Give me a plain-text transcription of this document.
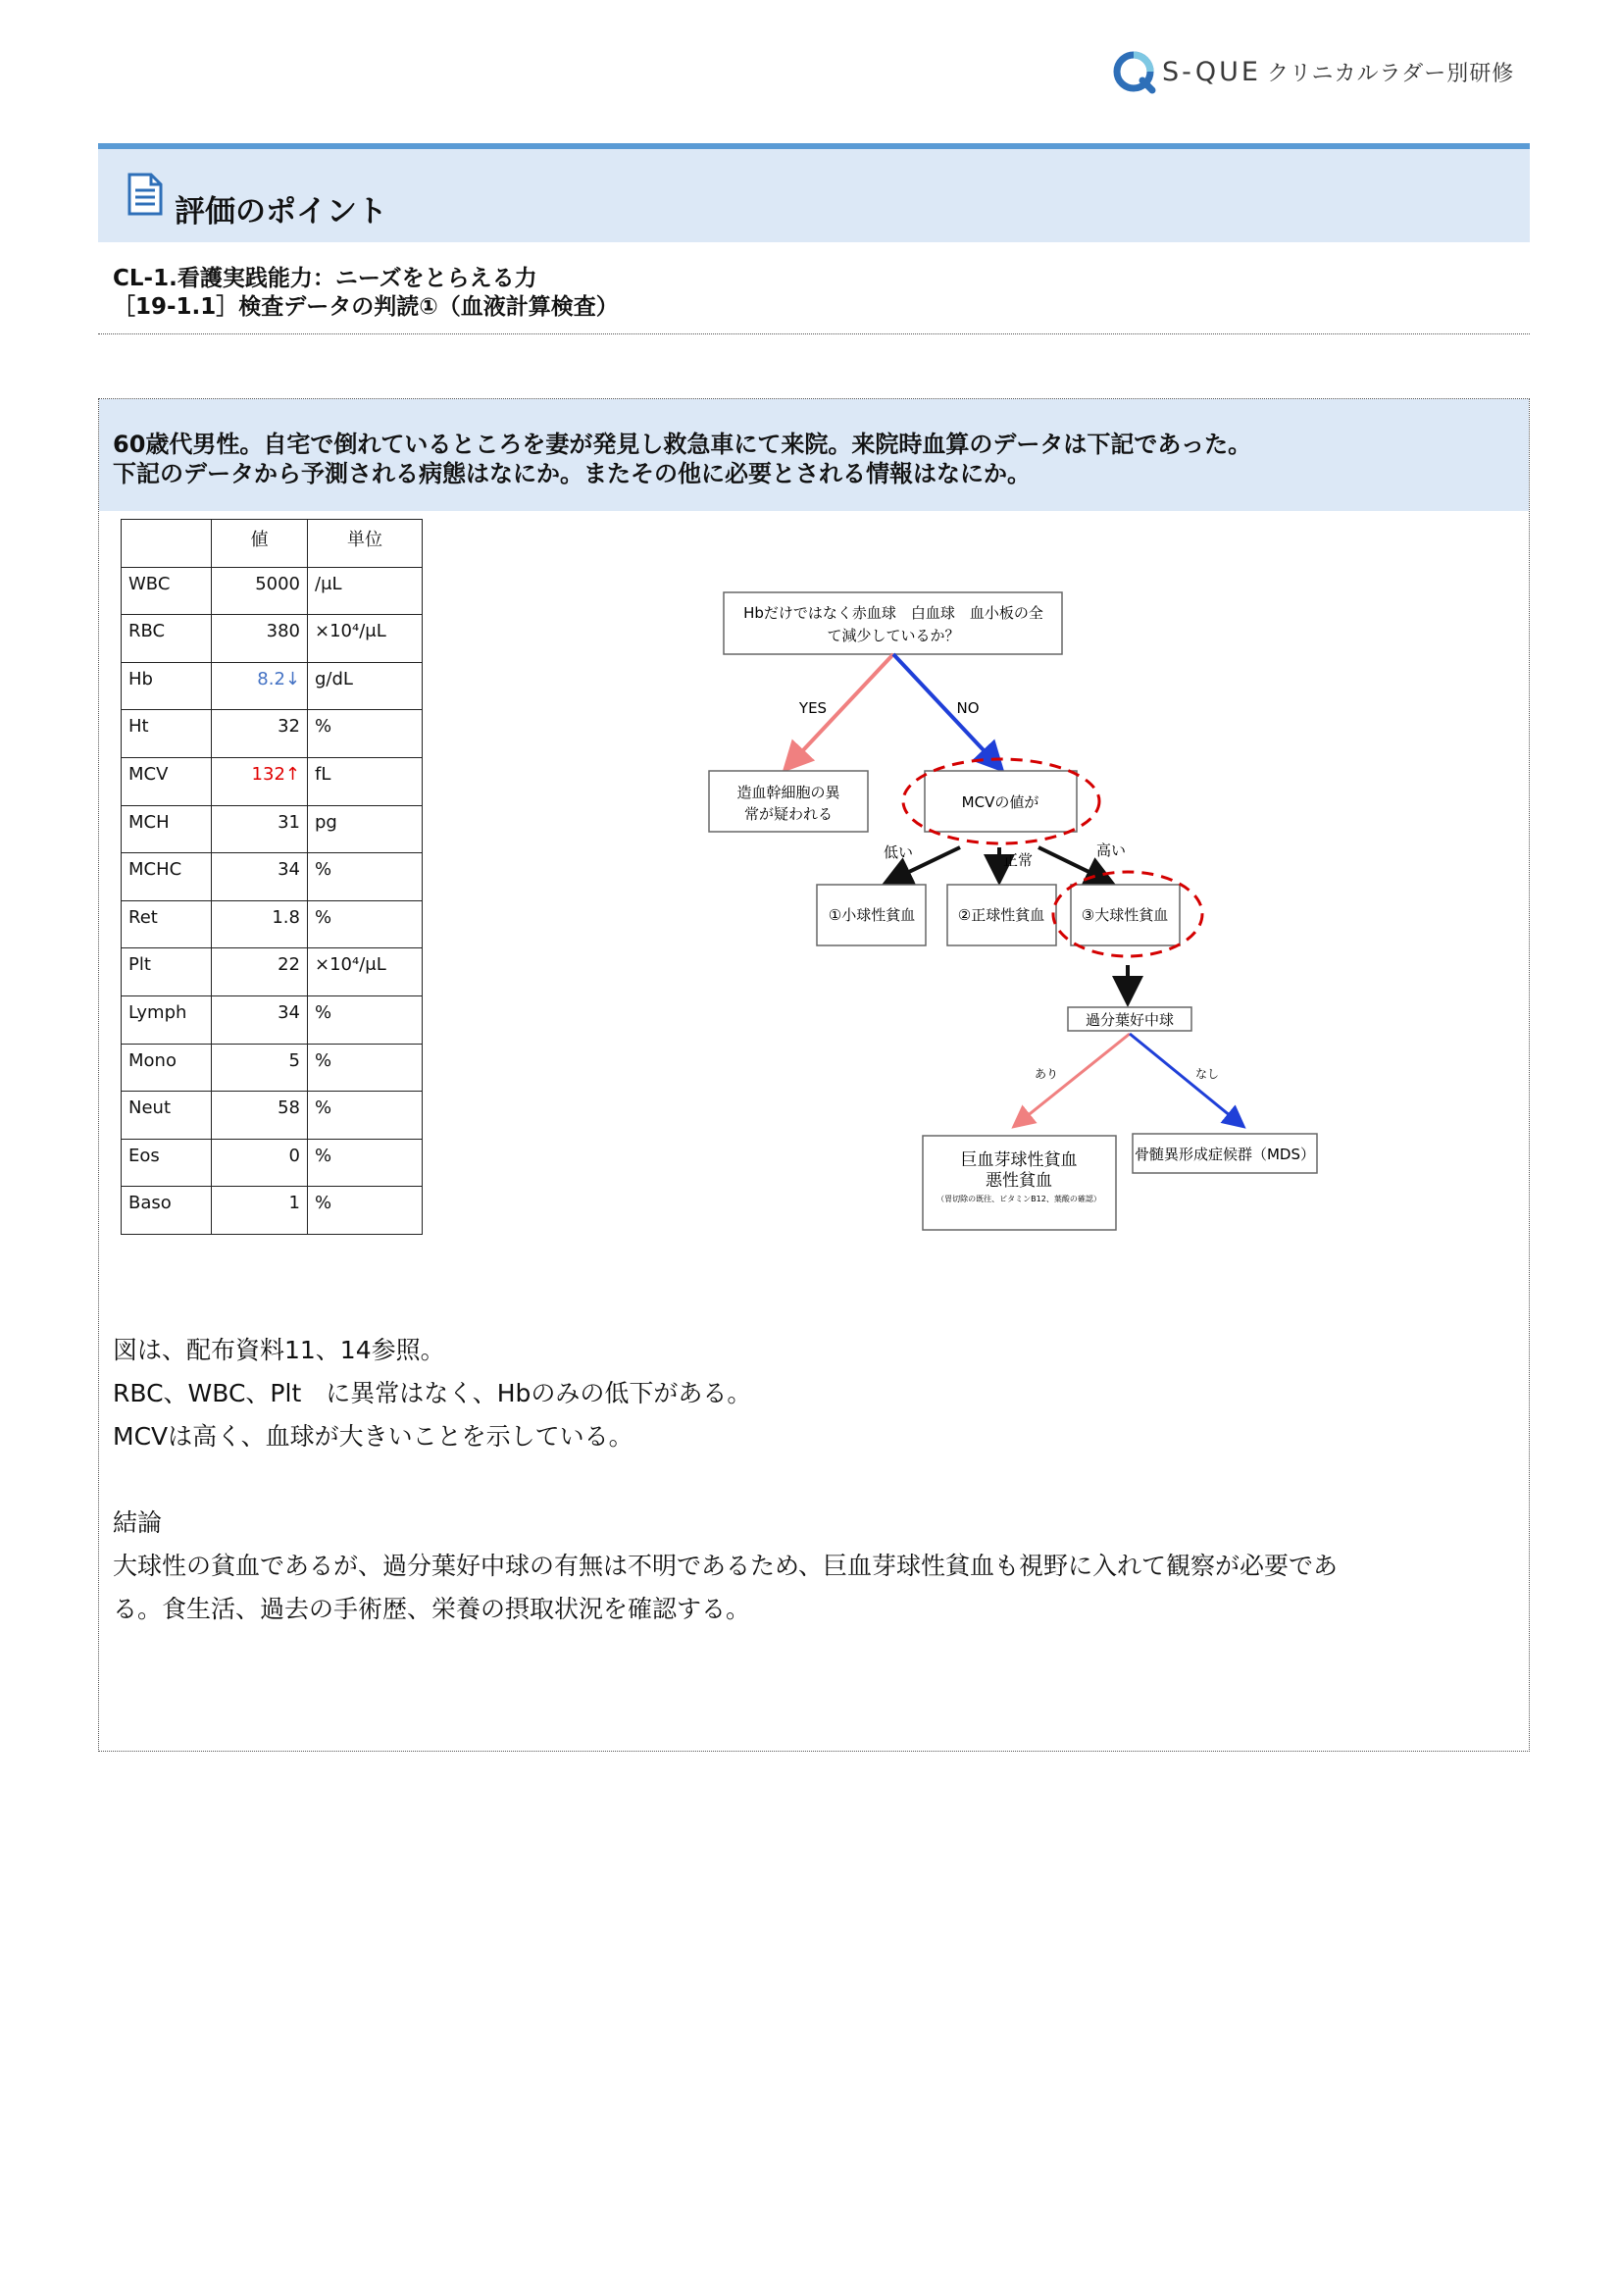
S-QUE クリニカルラダー別研修
評価のポイント
CL-1.看護実践能力：ニーズをとらえる力
［19-1.1］検査データの判読①（血液計算検査）
60歳代男性。自宅で倒れているところを妻が発見し救急車にて来院。来院時血算のデータは下記であった。
下記のデータから予測される病態はなにか。またその他に必要とされる情報はなにか。
	値	単位
WBC	5000	/μL
RBC	380	×10⁴/μL
Hb	8.2↓	g/dL
Ht	32	%
MCV	132↑	fL
MCH	31	pg
MCHC	34	%
Ret	1.8	%
Plt	22	×10⁴/μL
Lymph	34	%
Mono	5	%
Neut	58	%
Eos	0	%
Baso	1	%
Hbだけではなく赤血球　白血球　血小板の全
て減少しているか？
YES	NO
造血幹細胞の異
常が疑われる
MCVの値が
低い	正常
高い
①小球性貧血	②正球性貧血	③大球性貧血
過分葉好中球
あり	なし
巨血芽球性貧血
悪性貧血
（胃切除の既往、ビタミンB12、葉酸の確認）
骨髄異形成症候群（MDS）
図は、配布資料11、14参照。
RBC、WBC、Plt　に異常はなく、Hbのみの低下がある。
MCVは高く、血球が大きいことを示している。
結論
大球性の貧血であるが、過分葉好中球の有無は不明であるため、巨血芽球性貧血も視野に入れて観察が必要であ
る。食生活、過去の手術歴、栄養の摂取状況を確認する。
